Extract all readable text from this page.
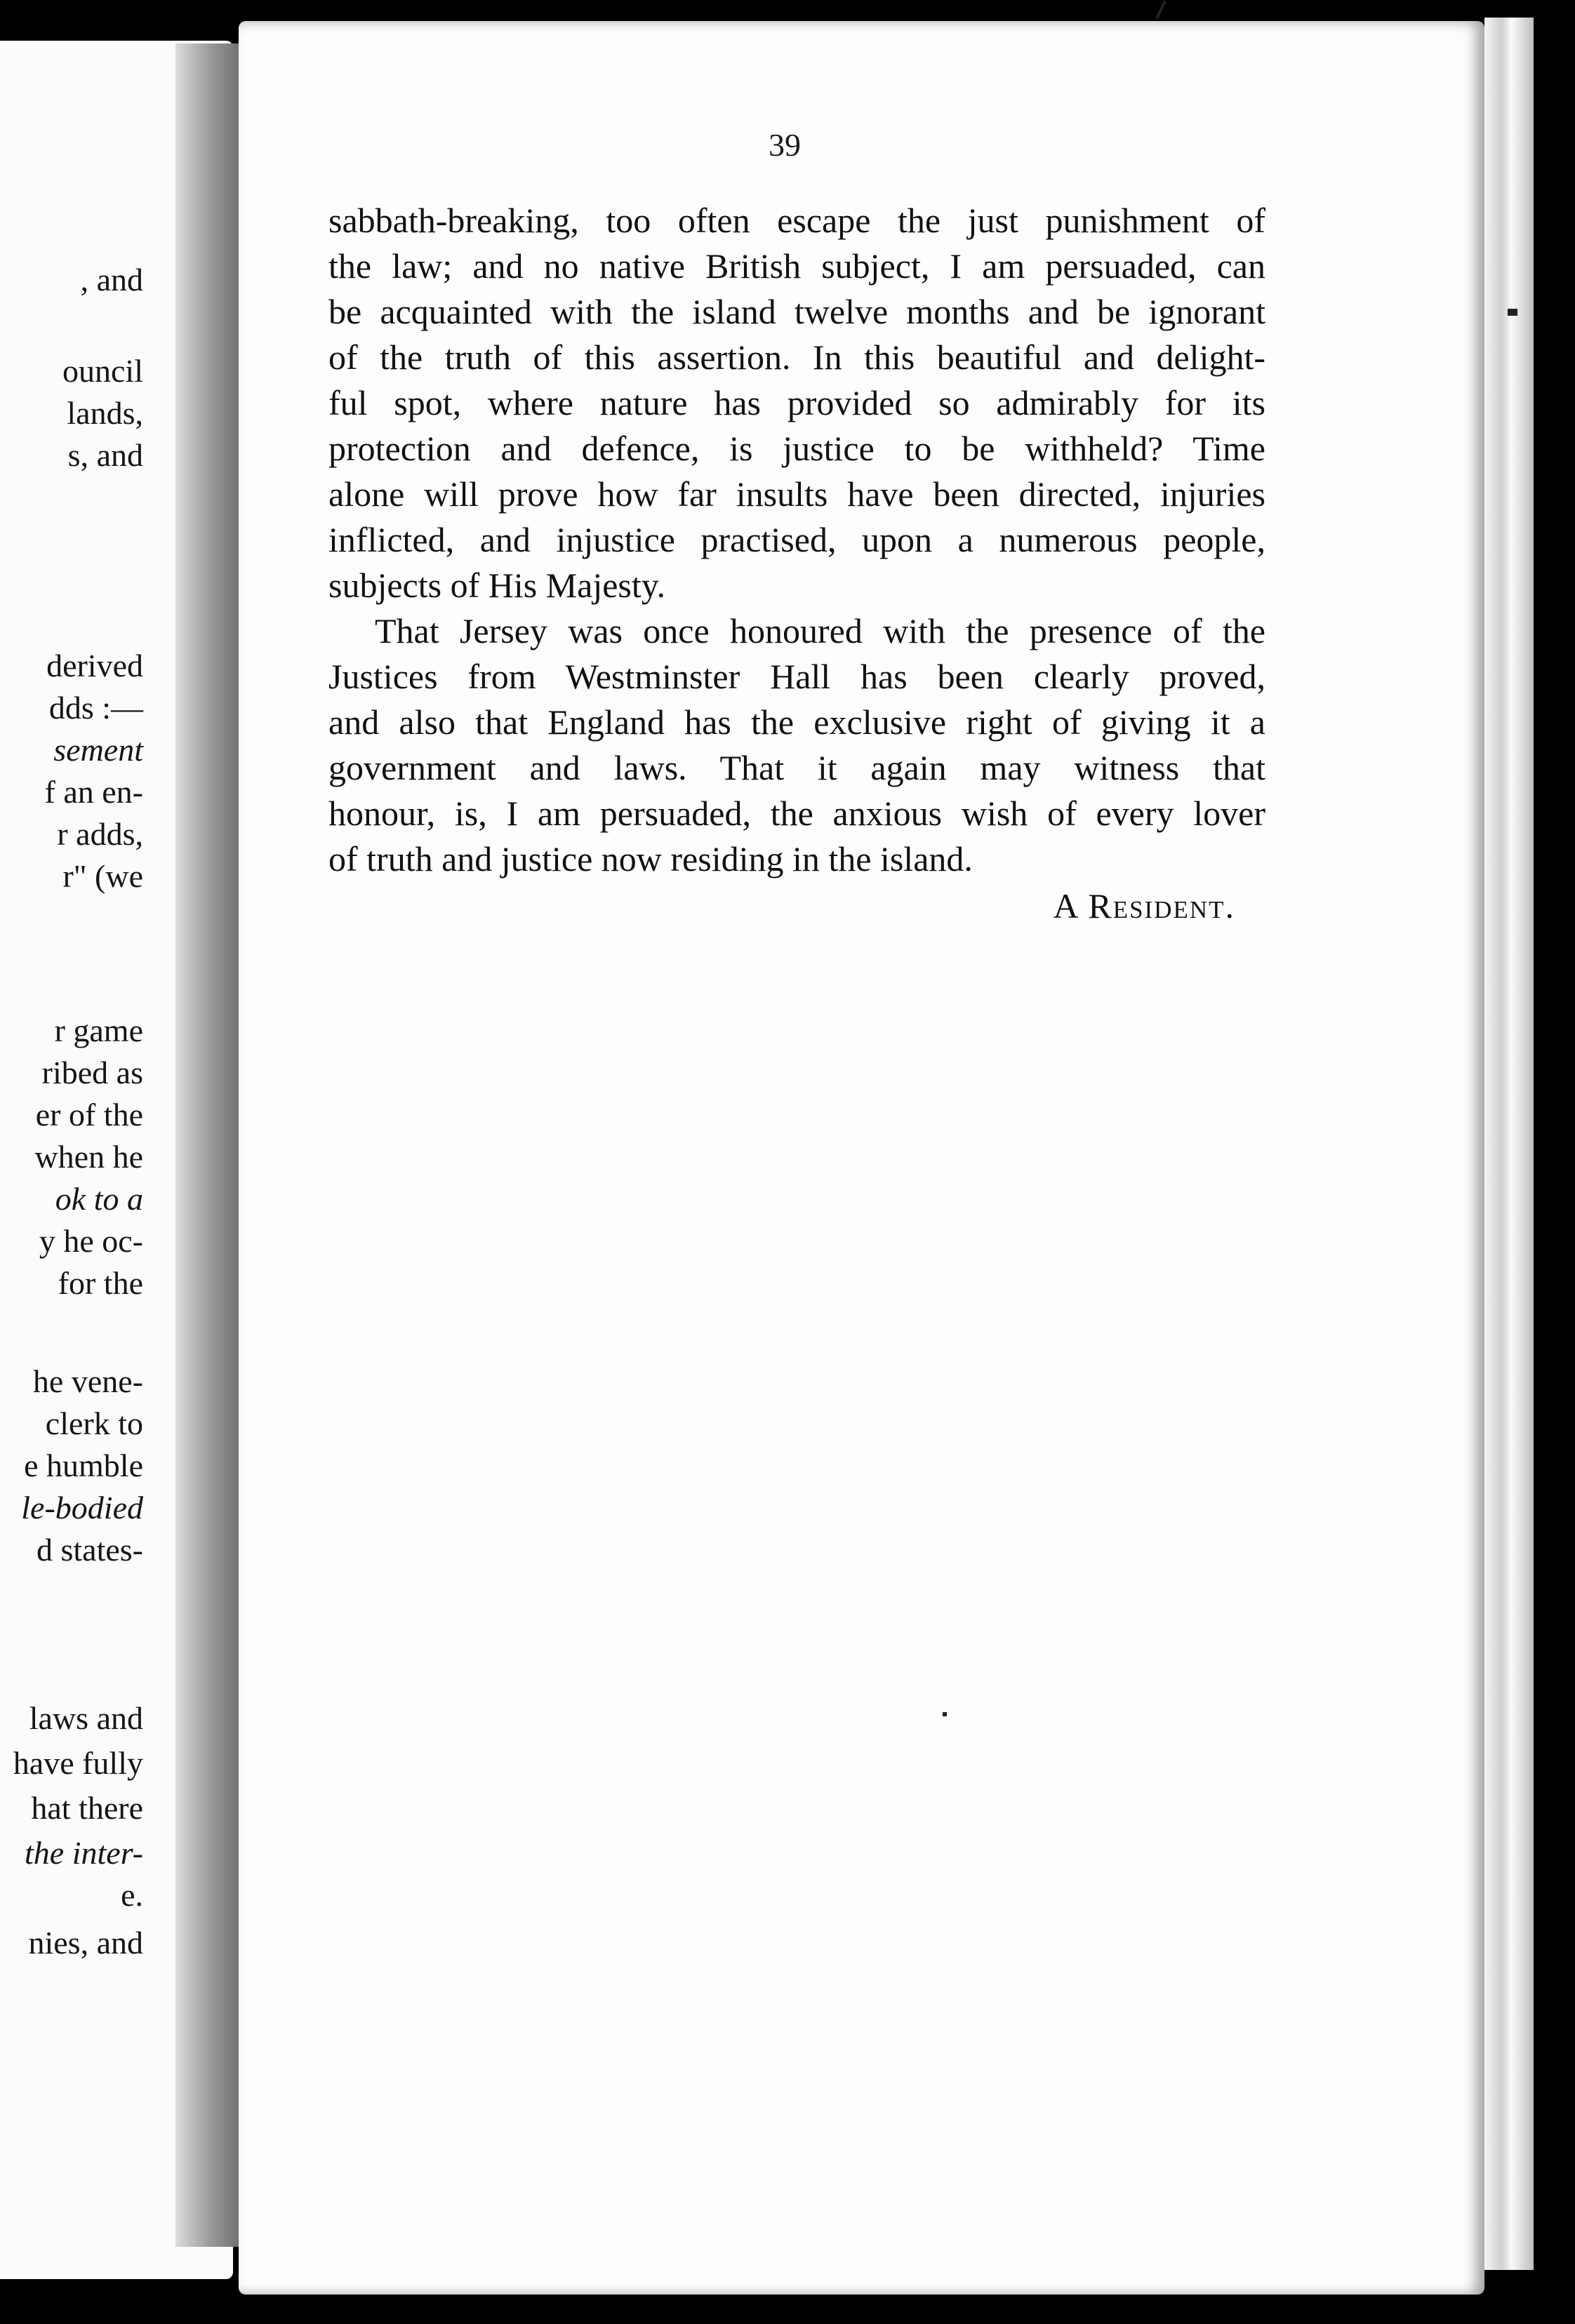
, and
ouncil
lands,
s, and
derived
dds :—
sement
f an en-
r adds,
r" (we
r game
ribed as
er of the
when he
ok to a
y he oc-
for the
he vene-
clerk to
e humble
le-bodied
d states-
laws and
have fully
hat there
the inter-
e.
nies, and
39
sabbath-breaking, too often escape the just punishment of
the law; and no native British subject, I am persuaded, can
be acquainted with the island twelve months and be ignorant
of the truth of this assertion. In this beautiful and delight-
ful spot, where nature has provided so admirably for its
protection and defence, is justice to be withheld? Time
alone will prove how far insults have been directed, injuries
inflicted, and injustice practised, upon a numerous people,
subjects of His Majesty.
That Jersey was once honoured with the presence of the
Justices from Westminster Hall has been clearly proved,
and also that England has the exclusive right of giving it a
government and laws. That it again may witness that
honour, is, I am persuaded, the anxious wish of every lover
of truth and justice now residing in the island.
A Resident.
